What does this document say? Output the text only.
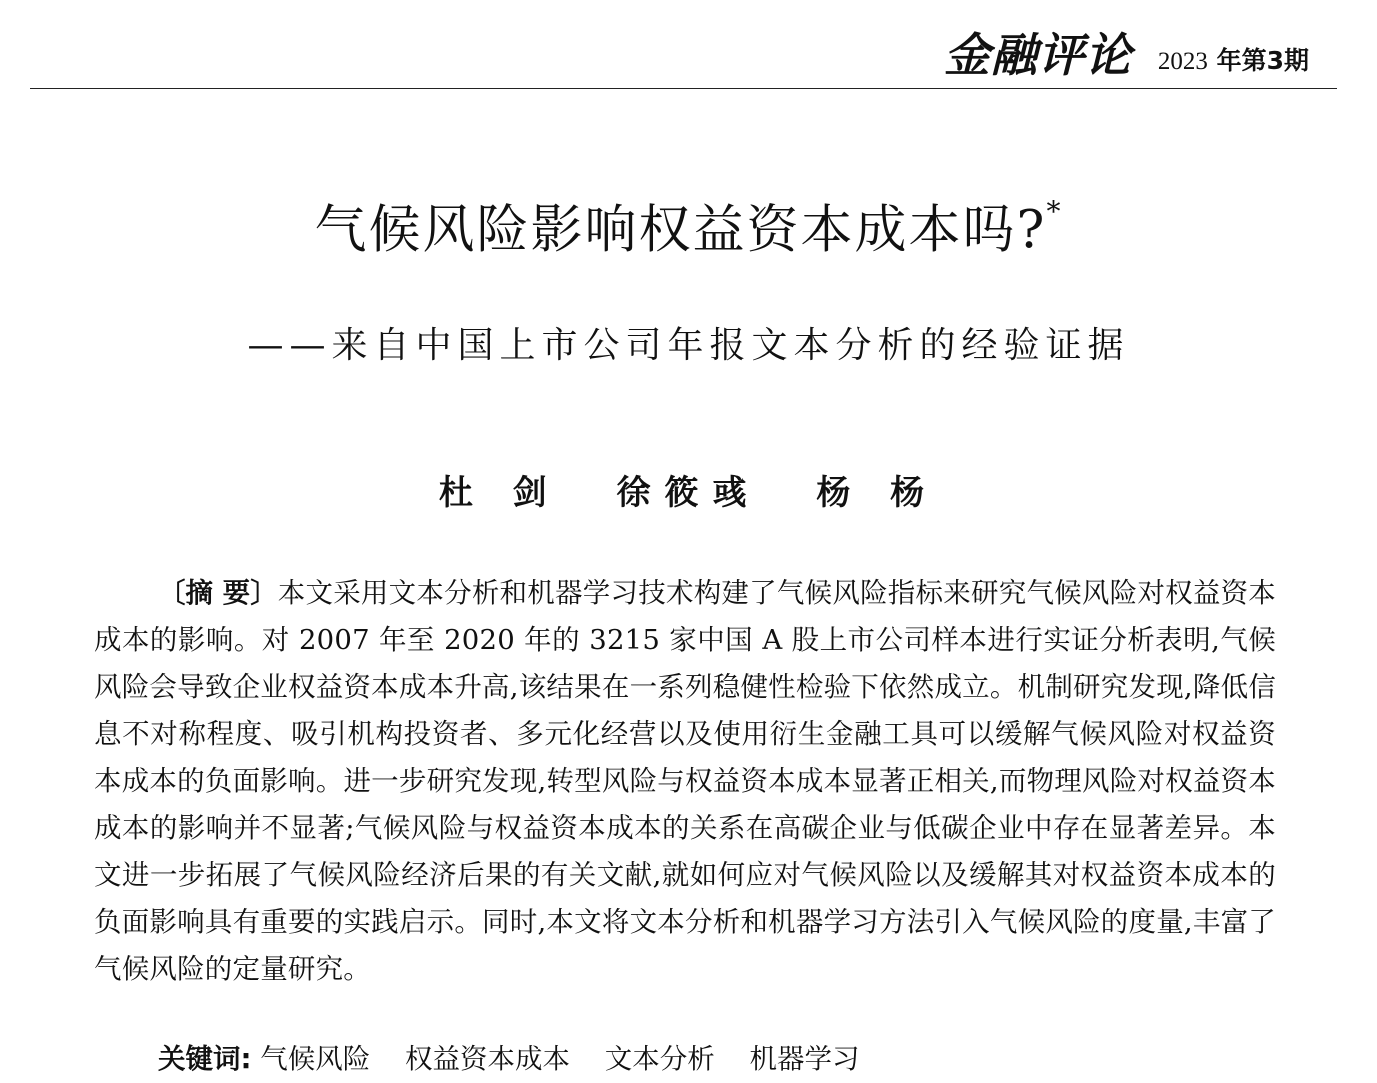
金融评论 2023 年第3期
气候风险影响权益资本成本吗?*
——来自中国上市公司年报文本分析的经验证据
杜 剑 徐筱彧 杨 杨
〔摘 要〕本文采用文本分析和机器学习技术构建了气候风险指标来研究气候风险对权益资本成本的影响。对 2007 年至 2020 年的 3215 家中国 A 股上市公司样本进行实证分析表明,气候风险会导致企业权益资本成本升高,该结果在一系列稳健性检验下依然成立。机制研究发现,降低信息不对称程度、吸引机构投资者、多元化经营以及使用衍生金融工具可以缓解气候风险对权益资本成本的负面影响。进一步研究发现,转型风险与权益资本成本显著正相关,而物理风险对权益资本成本的影响并不显著;气候风险与权益资本成本的关系在高碳企业与低碳企业中存在显著差异。本文进一步拓展了气候风险经济后果的有关文献,就如何应对气候风险以及缓解其对权益资本成本的负面影响具有重要的实践启示。同时,本文将文本分析和机器学习方法引入气候风险的度量,丰富了气候风险的定量研究。
关键词: 气候风险 权益资本成本 文本分析 机器学习
